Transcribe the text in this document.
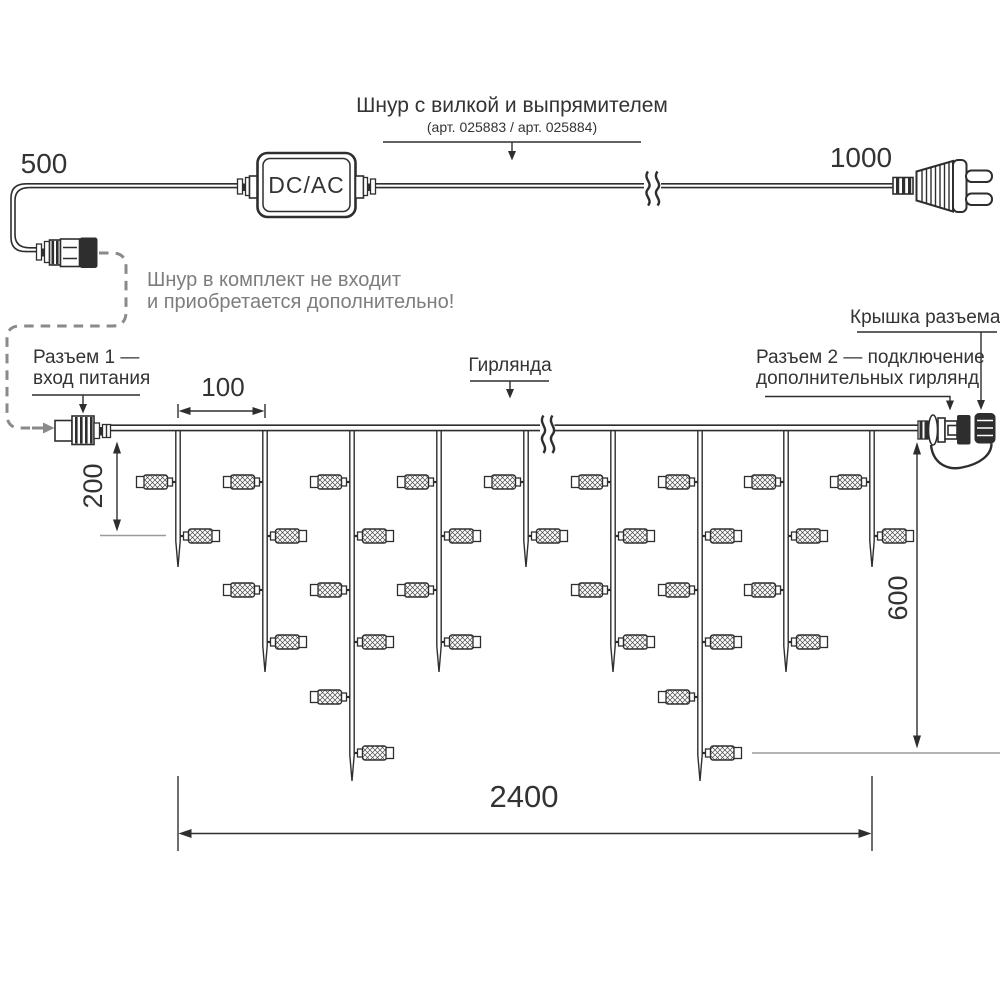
500	1000
Шнур с вилкой и выпрямителем
(арт. 025883 / арт. 025884)
DC/AC
Шнур в комплект не входит
и приобретается дополнительно!
Разъем 1 —
вход питания 100
Гирлянда
Крышка разъема
Разъем 2 — подключение
дополнительных гирлянд
200
600
2400
